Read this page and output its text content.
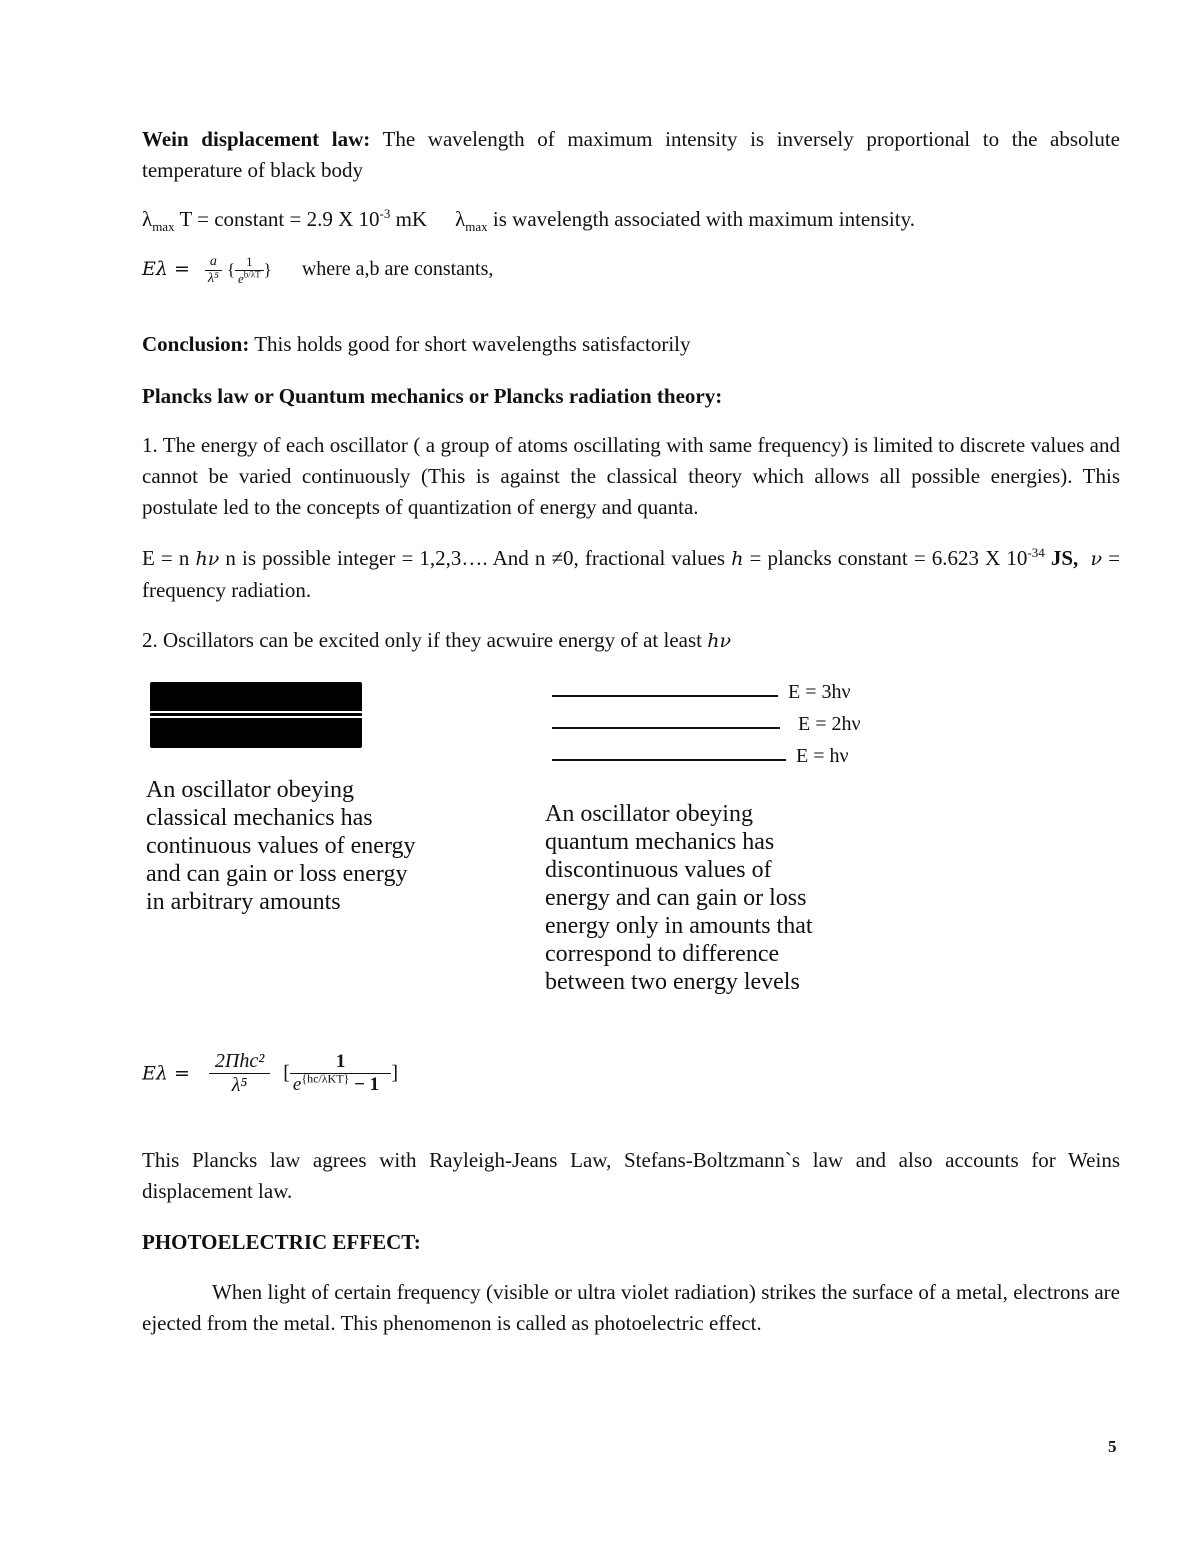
Wein displacement law: The wavelength of maximum intensity is inversely proportional to the absolute temperature of black body

$\lambda_{max}$ T = constant = 2.9 X $10^{-3}$ mK $\lambda_{max}$ is wavelength associated with maximum intensity.

$E\lambda = \frac{a}{\text{λ⁵}}$ { $\frac{1}{e^{b/\lambda T}}$ } where a,b are constants,

Conclusion: This holds good for short wavelengths satisfactorily

Plancks law or Quantum mechanics or Plancks radiation theory:

1. The energy of each oscillator ( a group of atoms oscillating with same frequency) is limited to discrete values and cannot be varied continuously (This is against the classical theory which allows all possible energies). This postulate led to the concepts of quantization of energy and quanta.

E = n hν n is possible integer = 1,2,3…. And n ≠0, fractional values h = plancks constant = 6.623 X $10^{-34}$ JS, ν = frequency radiation.

2. Oscillators can be excited only if they acwuire energy of at least hν

E = 3hν
E = 2hν
E = hν
An oscillator obeying
classical mechanics has
continuous values of energy
and can gain or loss energy
in arbitrary amounts
An oscillator obeying
quantum mechanics has
discontinuous values of
energy and can gain or loss
energy only in amounts that
correspond to difference
between two energy levels
$E\lambda = \frac{\text{2Πhc²}}{\text{λ⁵}}$ [ $\frac{1}{e^{\{hc/\lambda KT\}} - 1}$ ]

This Plancks law agrees with Rayleigh-Jeans Law, Stefans-Boltzmann`s law and also accounts for Weins displacement law.

PHOTOELECTRIC EFFECT:

When light of certain frequency (visible or ultra violet radiation) strikes the surface of a metal, electrons are ejected from the metal. This phenomenon is called as photoelectric effect.

5
